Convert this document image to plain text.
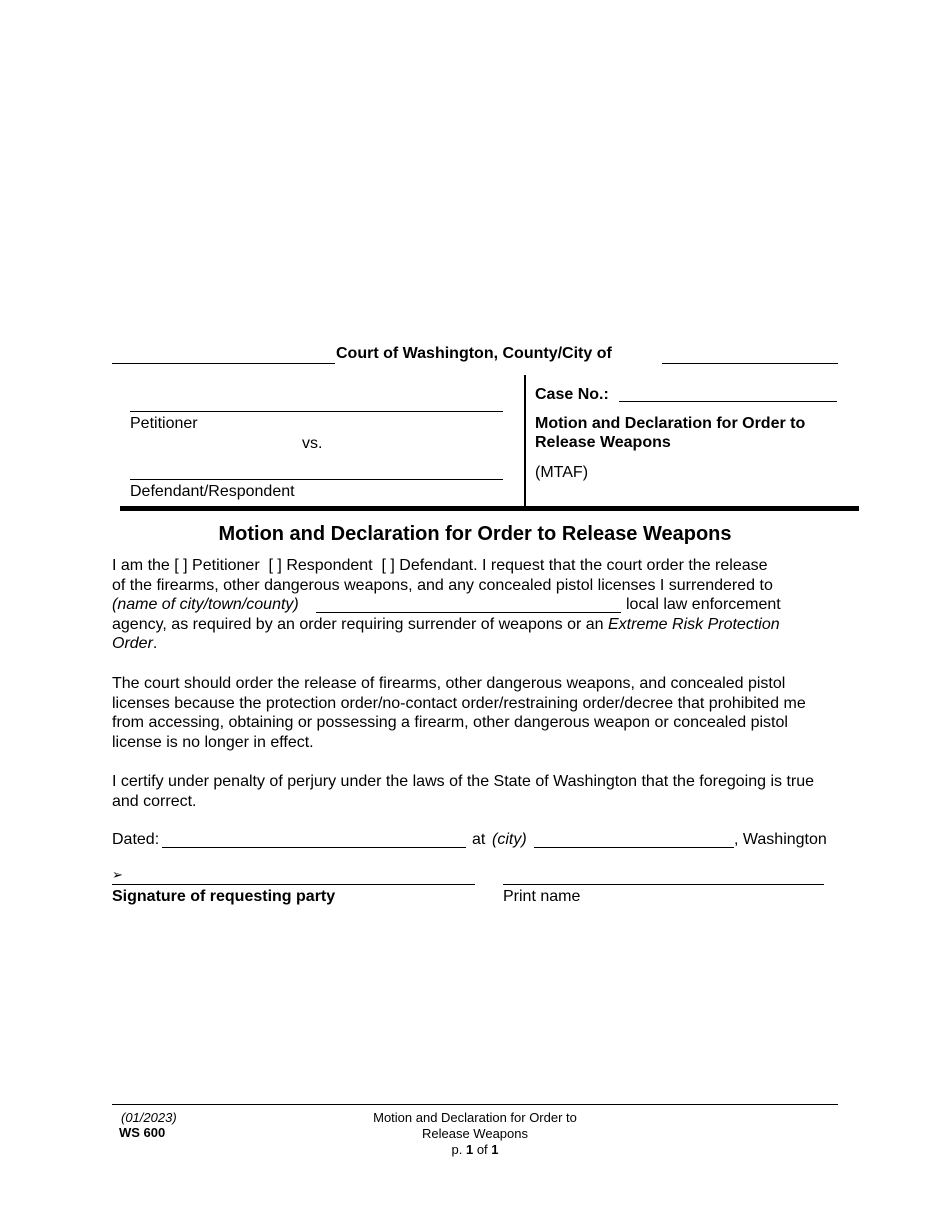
Court of Washington, County/City of
Petitioner
vs.
Defendant/Respondent
Case No.:
Motion and Declaration for Order to Release Weapons
(MTAF)
Motion and Declaration for Order to Release Weapons
I am the [ ] Petitioner [ ] Respondent [ ] Defendant. I request that the court order the release
of the firearms, other dangerous weapons, and any concealed pistol licenses I surrendered to
(name of city/town/county)	local law enforcement
agency, as required by an order requiring surrender of weapons or an Extreme Risk Protection
Order.
The court should order the release of firearms, other dangerous weapons, and concealed pistol licenses because the protection order/no-contact order/restraining order/decree that prohibited me from accessing, obtaining or possessing a firearm, other dangerous weapon or concealed pistol license is no longer in effect.
I certify under penalty of perjury under the laws of the State of Washington that the foregoing is true and correct.
Dated:	at (city)	, Washington
➢
Signature of requesting party	Print name
(01/2023)
WS 600
Motion and Declaration for Order to
Release Weapons
p. 1 of 1
